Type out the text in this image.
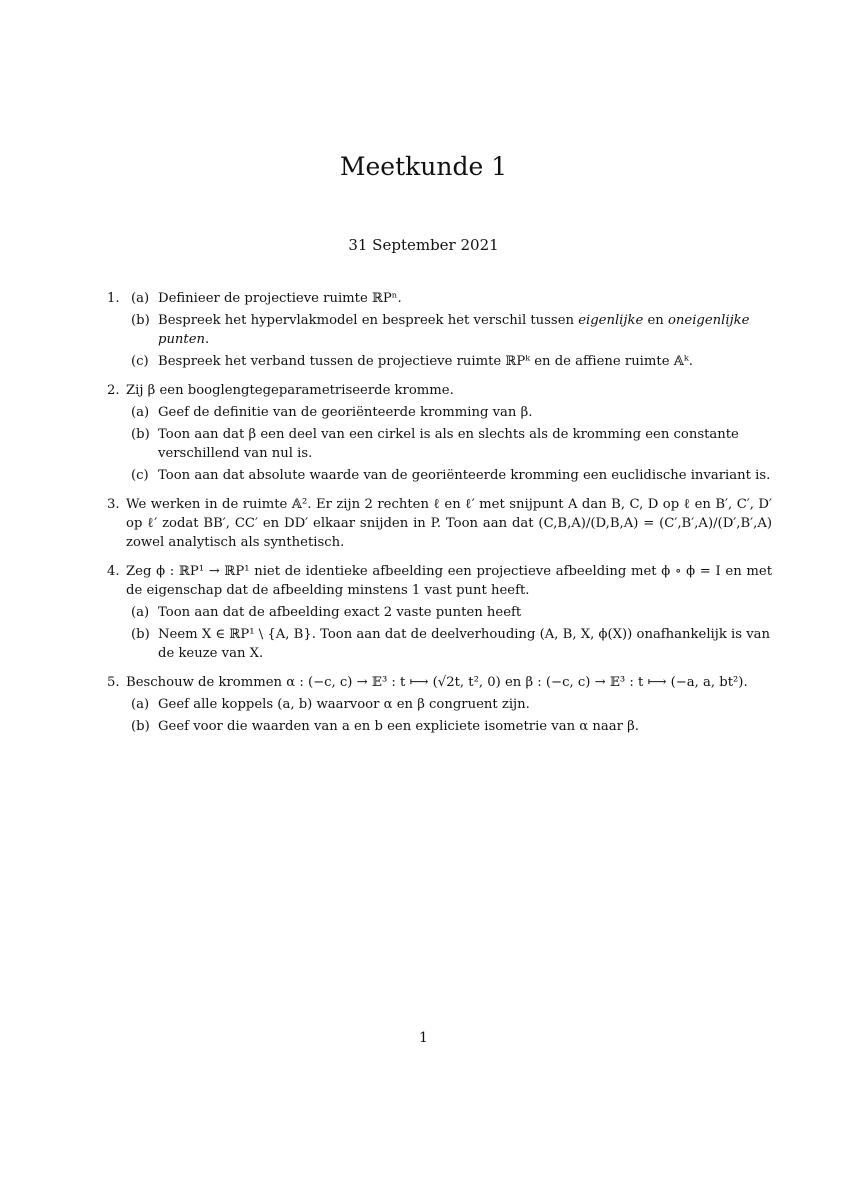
Meetkunde 1
31 September 2021
1. (a) Definieer de projectieve ruimte ℝPⁿ.
(b) Bespreek het hypervlakmodel en bespreek het verschil tussen eigenlijke en oneigenlijke punten.
(c) Bespreek het verband tussen de projectieve ruimte ℝPᵏ en de affiene ruimte 𝔸ᵏ.
2. Zij β een booglengtegeparametriseerde kromme.
(a) Geef de definitie van de georiënteerde kromming van β.
(b) Toon aan dat β een deel van een cirkel is als en slechts als de kromming een constante verschillend van nul is.
(c) Toon aan dat absolute waarde van de georiënteerde kromming een euclidische invariant is.
3. We werken in de ruimte 𝔸². Er zijn 2 rechten ℓ en ℓ′ met snijpunt A dan B, C, D op ℓ en B′, C′, D′ op ℓ′ zodat BB′, CC′ en DD′ elkaar snijden in P. Toon aan dat (C,B,A)/(D,B,A) = (C′,B′,A)/(D′,B′,A) zowel analytisch als synthetisch.
4. Zeg ϕ : ℝP¹ → ℝP¹ niet de identieke afbeelding een projectieve afbeelding met ϕ ∘ ϕ = I en met de eigenschap dat de afbeelding minstens 1 vast punt heeft.
(a) Toon aan dat de afbeelding exact 2 vaste punten heeft
(b) Neem X ∈ ℝP¹ \ {A, B}. Toon aan dat de deelverhouding (A, B, X, ϕ(X)) onafhankelijk is van de keuze van X.
5. Beschouw de krommen α : (−c, c) → 𝔼³ : t ⟼ (√2t, t², 0) en β : (−c, c) → 𝔼³ : t ⟼ (−a, a, bt²).
(a) Geef alle koppels (a, b) waarvoor α en β congruent zijn.
(b) Geef voor die waarden van a en b een expliciete isometrie van α naar β.
1
